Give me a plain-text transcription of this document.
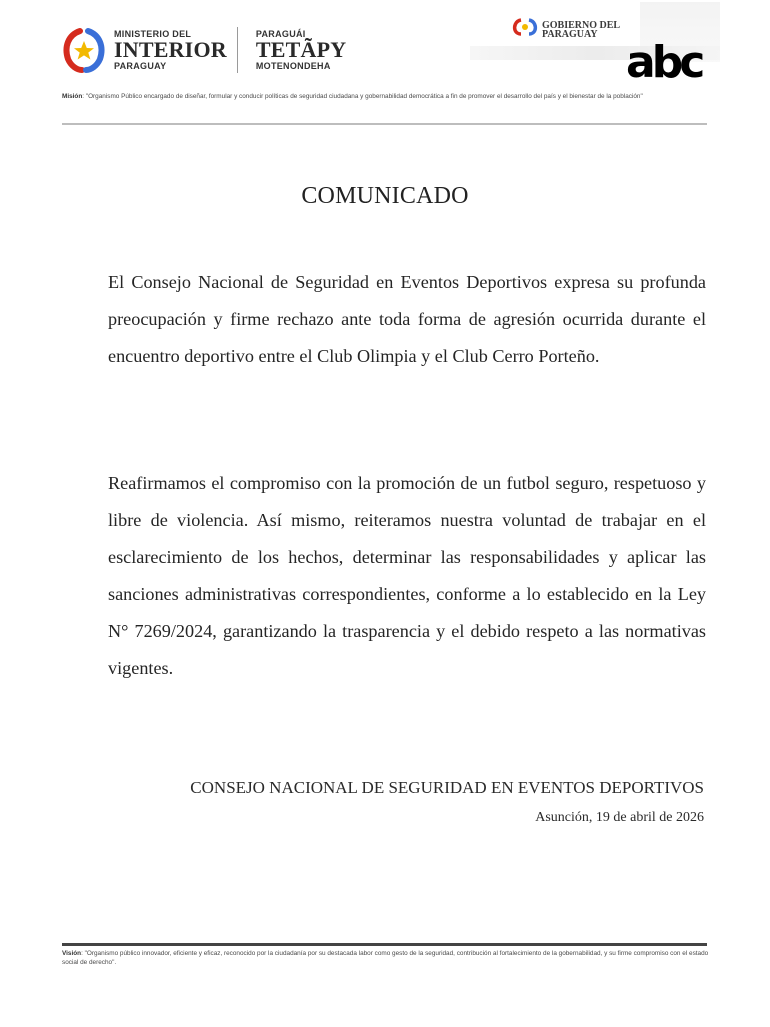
MINISTERIO DEL
INTERIOR
PARAGUAY
PARAGUÁI
TETÃPY
MOTENONDEHA
GOBIERNO DEL
PARAGUAY
abc
Misión: "Organismo Público encargado de diseñar, formular y conducir políticas de seguridad ciudadana y gobernabilidad democrática a fin de promover el desarrollo del país y el bienestar de la población"
COMUNICADO

El Consejo Nacional de Seguridad en Eventos Deportivos expresa su profunda preocupación y firme rechazo ante toda forma de agresión ocurrida durante el encuentro deportivo entre el Club Olimpia y el Club Cerro Porteño.

Reafirmamos el compromiso con la promoción de un futbol seguro, respetuoso y libre de violencia. Así mismo, reiteramos nuestra voluntad de trabajar en el esclarecimiento de los hechos, determinar las responsabilidades y aplicar las sanciones administrativas correspondientes, conforme a lo establecido en la Ley N° 7269/2024, garantizando la trasparencia y el debido respeto a las normativas vigentes.

CONSEJO NACIONAL DE SEGURIDAD EN EVENTOS DEPORTIVOS
Asunción, 19 de abril de 2026
Visión: "Organismo público innovador, eficiente y eficaz, reconocido por la ciudadanía por su destacada labor como gesto de la seguridad, contribución al fortalecimiento de la gobernabilidad, y su firme compromiso con el estado social de derecho".
